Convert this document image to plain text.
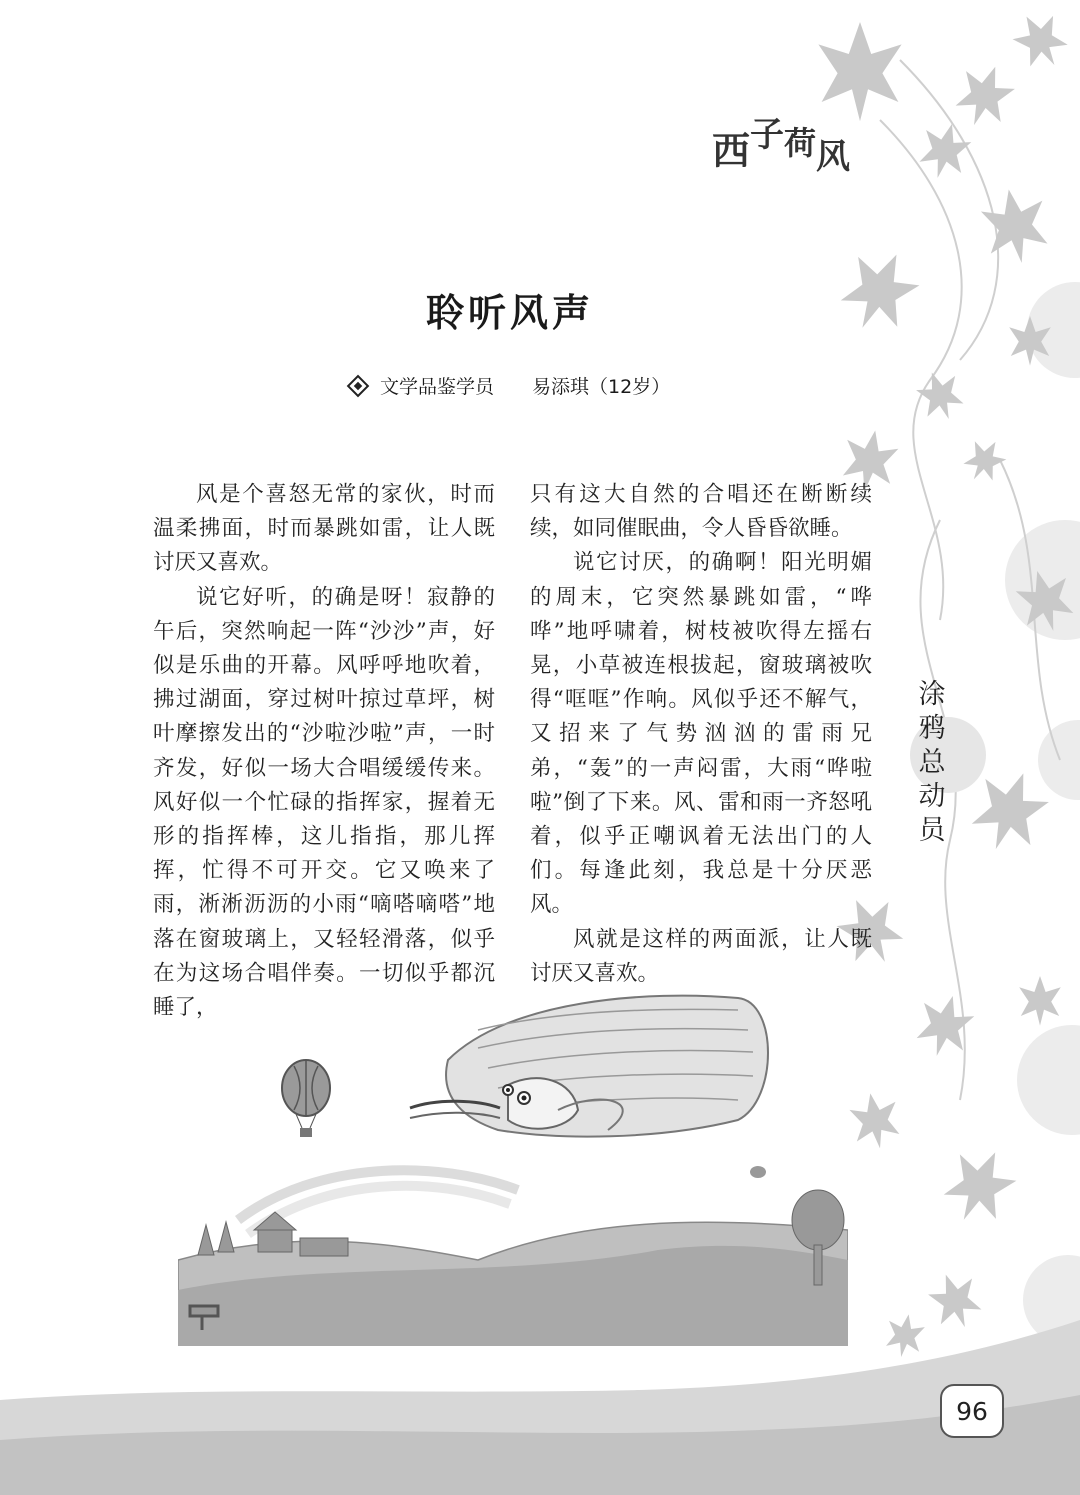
西子荷风
聆听风声
文学品鉴学员 易添琪（12岁）

风是个喜怒无常的家伙，时而温柔拂面，时而暴跳如雷，让人既讨厌又喜欢。

说它好听，的确是呀！寂静的午后，突然响起一阵“沙沙”声，好似是乐曲的开幕。风呼呼地吹着，拂过湖面，穿过树叶掠过草坪，树叶摩擦发出的“沙啦沙啦”声，一时齐发，好似一场大合唱缓缓传来。风好似一个忙碌的指挥家，握着无形的指挥棒，这儿指指，那儿挥挥，忙得不可开交。它又唤来了雨，淅淅沥沥的小雨“嘀嗒嘀嗒”地落在窗玻璃上，又轻轻滑落，似乎在为这场合唱伴奏。一切似乎都沉睡了，

只有这大自然的合唱还在断断续续，如同催眠曲，令人昏昏欲睡。

说它讨厌，的确啊！阳光明媚的周末，它突然暴跳如雷，“哗哗”地呼啸着，树枝被吹得左摇右晃，小草被连根拔起，窗玻璃被吹得“哐哐”作响。风似乎还不解气，又招来了气势汹汹的雷雨兄弟，“轰”的一声闷雷，大雨“哗啦啦”倒了下来。风、雷和雨一齐怒吼着，似乎正嘲讽着无法出门的人们。每逢此刻，我总是十分厌恶风。

风就是这样的两面派，让人既讨厌又喜欢。

涂
鸦
总
动
员
96
